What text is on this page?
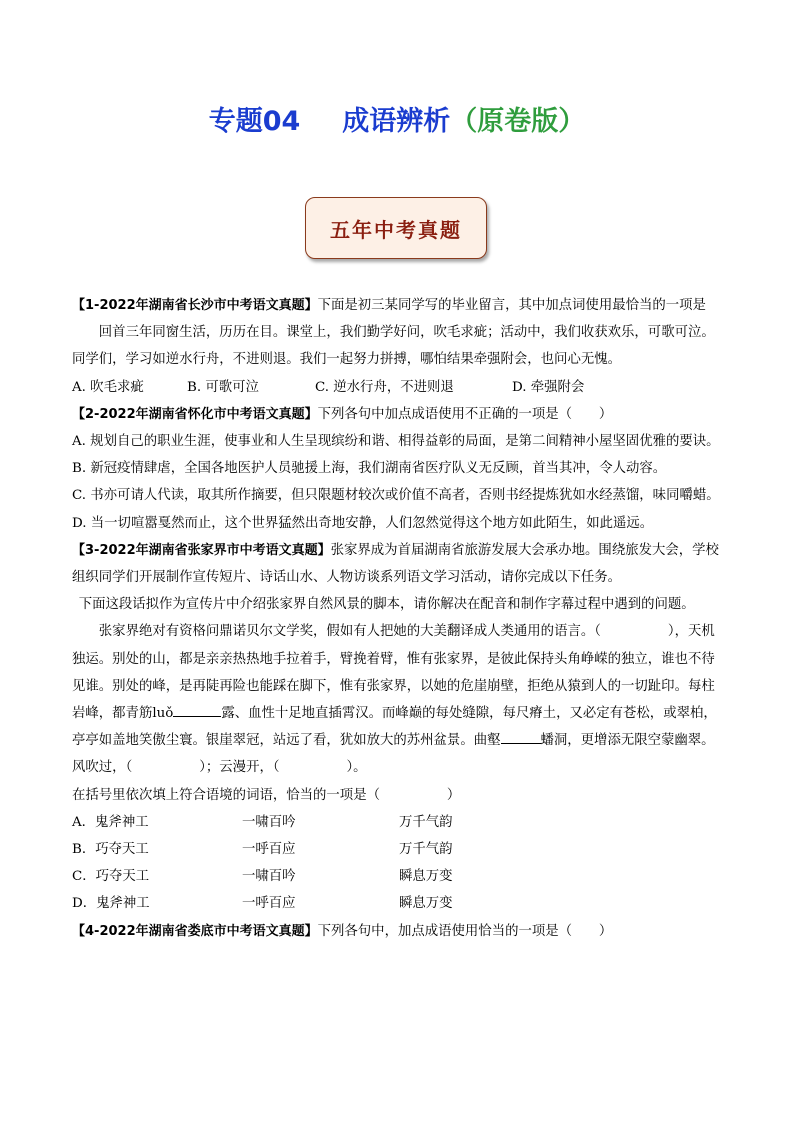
专题04 成语辨析（原卷版）
五年中考真题

【1-2022年湖南省长沙市中考语文真题】下面是初三某同学写的毕业留言，其中加点词使用最恰当的一项是

回首三年同窗生活，历历在目。课堂上，我们勤学好问，吹毛求疵；活动中，我们收获欢乐，可歌可泣。同学们，学习如逆水行舟，不进则退。我们一起努力拼搏，哪怕结果牵强附会，也问心无愧。

A. 吹毛求疵	B. 可歌可泣	C. 逆水行舟，不进则退	D. 牵强附会

【2-2022年湖南省怀化市中考语文真题】下列各句中加点成语使用不正确的一项是（　　）

A. 规划自己的职业生涯，使事业和人生呈现缤纷和谐、相得益彰的局面，是第二间精神小屋坚固优雅的要诀。

B. 新冠疫情肆虐，全国各地医护人员驰援上海，我们湖南省医疗队义无反顾，首当其冲，令人动容。

C. 书亦可请人代读，取其所作摘要，但只限题材较次或价值不高者，否则书经提炼犹如水经蒸馏，味同嚼蜡。

D. 当一切喧嚣戛然而止，这个世界猛然出奇地安静，人们忽然觉得这个地方如此陌生，如此遥远。

【3-2022年湖南省张家界市中考语文真题】张家界成为首届湖南省旅游发展大会承办地。围绕旅发大会，学校组织同学们开展制作宣传短片、诗话山水、人物访谈系列语文学习活动，请你完成以下任务。

下面这段话拟作为宣传片中介绍张家界自然风景的脚本，请你解决在配音和制作字幕过程中遇到的问题。

张家界绝对有资格问鼎诺贝尔文学奖，假如有人把她的大美翻译成人类通用的语言。（　　　　　），天机独运。别处的山，都是亲亲热热地手拉着手，臂挽着臂，惟有张家界，是彼此保持头角峥嵘的独立，谁也不待见谁。别处的峰，是再陡再险也能踩在脚下，惟有张家界，以她的危崖崩壁，拒绝从猿到人的一切趾印。每柱岩峰，都青筋luǒ	露、血性十足地直插霄汉。而峰巅的每处缝隙，每尺瘠土，又必定有苍松，或翠柏，亭亭如盖地笑傲尘寰。银崖翠冠，站远了看，犹如放大的苏州盆景。曲壑	蟠洞，更增添无限空蒙幽翠。风吹过，（　　　　　）；云漫开，（　　　　　）。

在括号里依次填上符合语境的词语，恰当的一项是（　　　　　）

A．鬼斧神工	一啸百吟	万千气韵
B．巧夺天工	一呼百应	万千气韵
C．巧夺天工	一啸百吟	瞬息万变
D．鬼斧神工	一呼百应	瞬息万变

【4-2022年湖南省娄底市中考语文真题】下列各句中，加点成语使用恰当的一项是（　　）
